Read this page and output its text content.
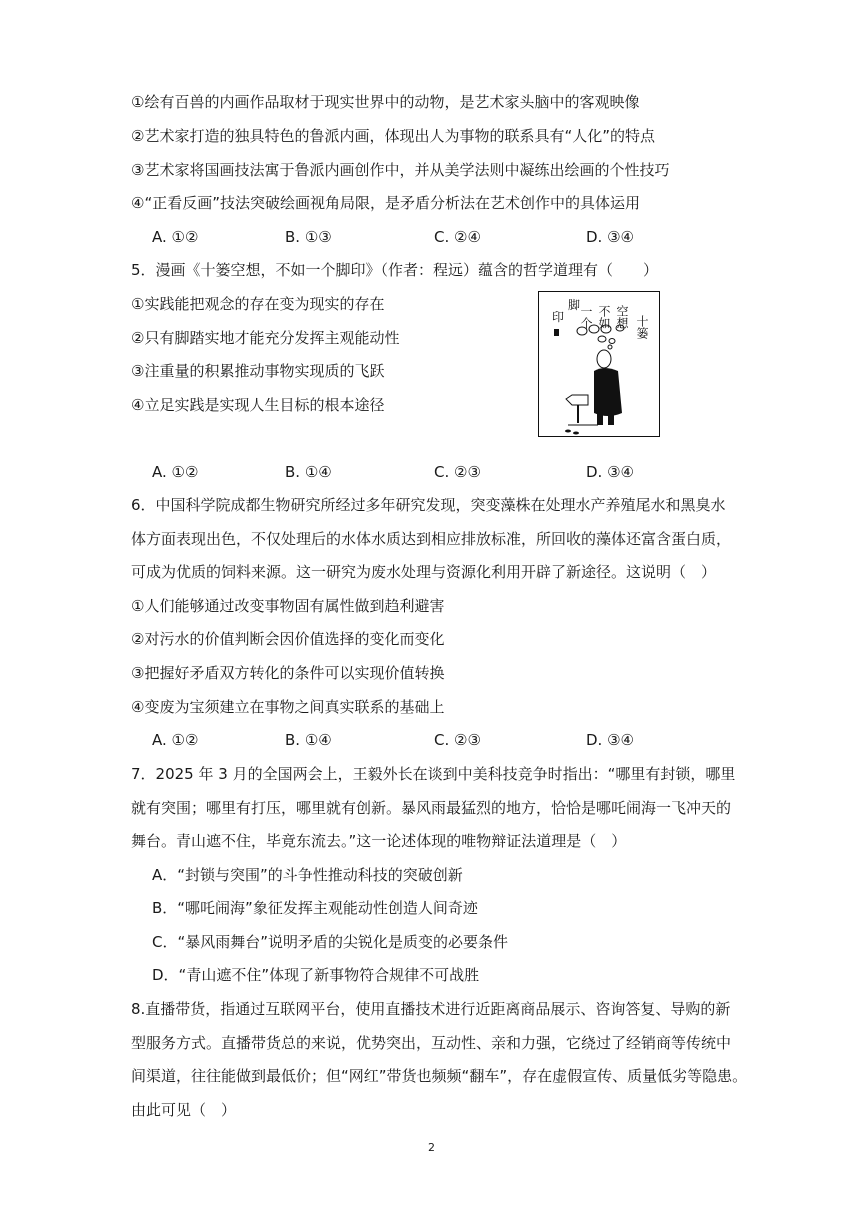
①绘有百兽的内画作品取材于现实世界中的动物，是艺术家头脑中的客观映像
②艺术家打造的独具特色的鲁派内画，体现出人为事物的联系具有“人化”的特点
③艺术家将国画技法寓于鲁派内画创作中，并从美学法则中凝练出绘画的个性技巧
④“正看反画”技法突破绘画视角局限，是矛盾分析法在艺术创作中的具体运用
A. ①②	B. ①③	C. ②④	D. ③④
5．漫画《十篓空想，不如一个脚印》（作者：程远）蕴含的哲学道理有（　　）
①实践能把观念的存在变为现实的存在
②只有脚踏实地才能充分发挥主观能动性
③注重量的积累推动事物实现质的飞跃
④立足实践是实现人生目标的根本途径
印
脚
一个 不如 空想 十篓
A. ①②	B. ①④	C. ②③	D. ③④
6．中国科学院成都生物研究所经过多年研究发现，突变藻株在处理水产养殖尾水和黑臭水
体方面表现出色，不仅处理后的水体水质达到相应排放标准，所回收的藻体还富含蛋白质，
可成为优质的饲料来源。这一研究为废水处理与资源化利用开辟了新途径。这说明（　）
①人们能够通过改变事物固有属性做到趋利避害
②对污水的价值判断会因价值选择的变化而变化
③把握好矛盾双方转化的条件可以实现价值转换
④变废为宝须建立在事物之间真实联系的基础上
A. ①②	B. ①④	C. ②③	D. ③④
7．2025 年 3 月的全国两会上，王毅外长在谈到中美科技竞争时指出：“哪里有封锁，哪里
就有突围；哪里有打压，哪里就有创新。暴风雨最猛烈的地方，恰恰是哪吒闹海一飞冲天的
舞台。青山遮不住，毕竟东流去。”这一论述体现的唯物辩证法道理是（　）
A．“封锁与突围”的斗争性推动科技的突破创新
B．“哪吒闹海”象征发挥主观能动性创造人间奇迹
C．“暴风雨舞台”说明矛盾的尖锐化是质变的必要条件
D．“青山遮不住”体现了新事物符合规律不可战胜
8.直播带货，指通过互联网平台，使用直播技术进行近距离商品展示、咨询答复、导购的新
型服务方式。直播带货总的来说，优势突出，互动性、亲和力强，它绕过了经销商等传统中
间渠道，往往能做到最低价；但“网红”带货也频频“翻车”，存在虚假宣传、质量低劣等隐患。
由此可见（　）
2
